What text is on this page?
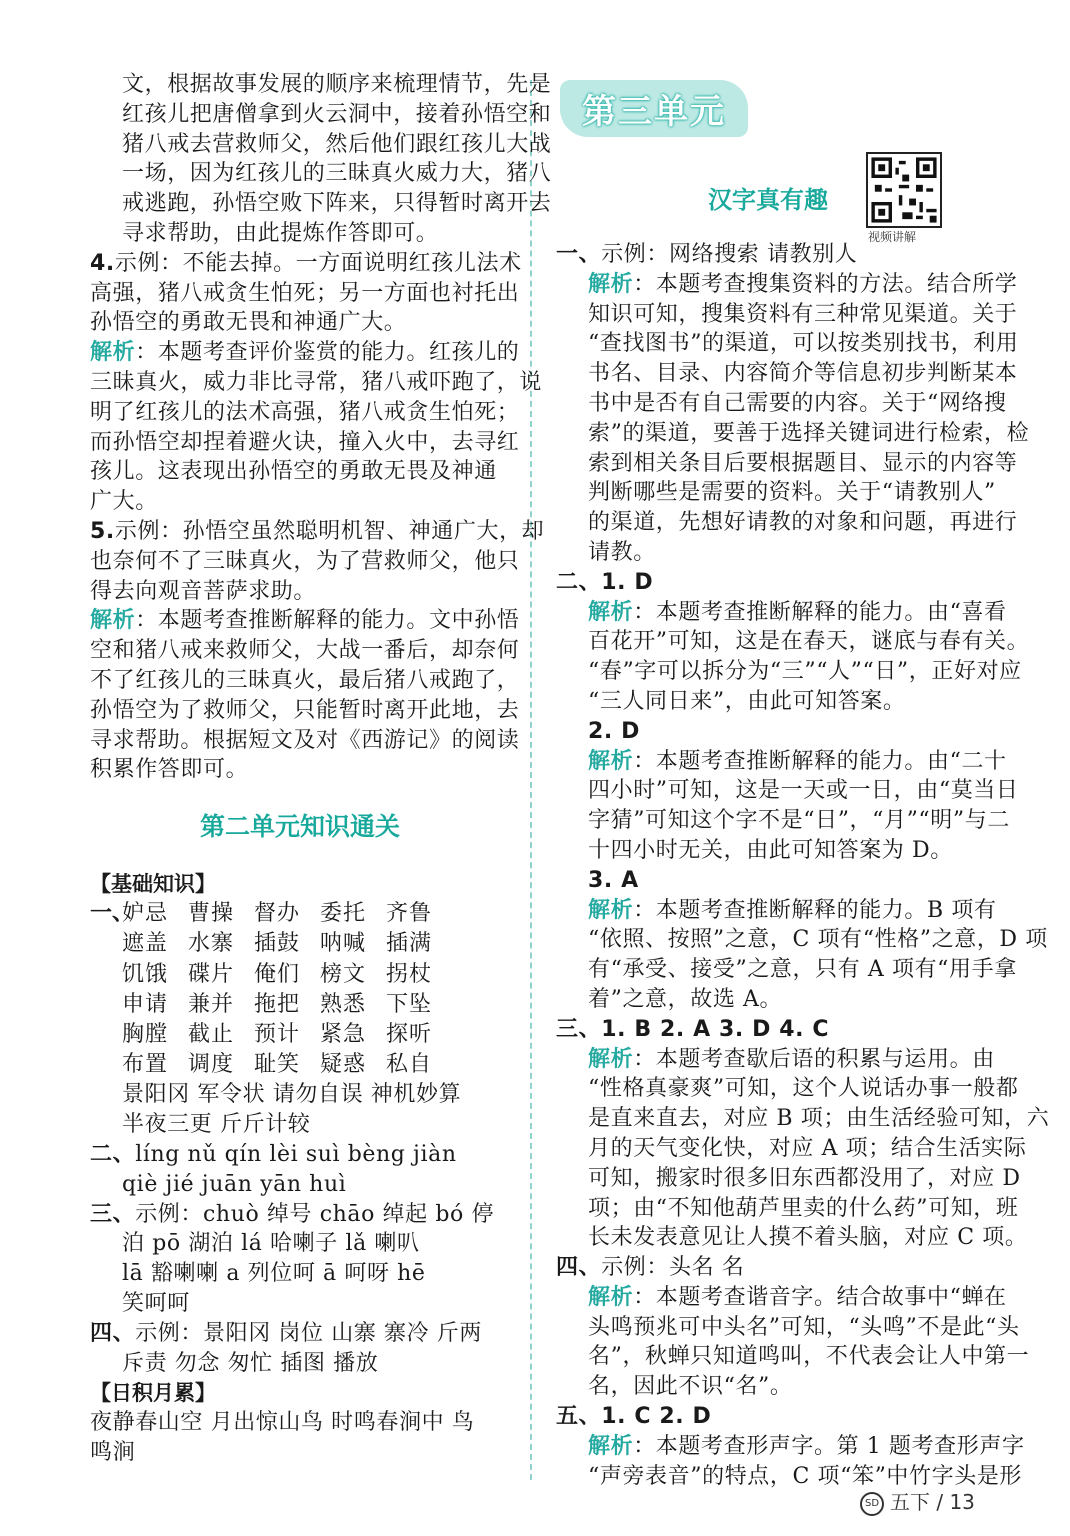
文，根据故事发展的顺序来梳理情节，先是
红孩儿把唐僧拿到火云洞中，接着孙悟空和
猪八戒去营救师父，然后他们跟红孩儿大战
一场，因为红孩儿的三昧真火威力大，猪八
戒逃跑，孙悟空败下阵来，只得暂时离开去
寻求帮助，由此提炼作答即可。
4.示例：不能去掉。一方面说明红孩儿法术
高强，猪八戒贪生怕死；另一方面也衬托出
孙悟空的勇敢无畏和神通广大。
解析：本题考查评价鉴赏的能力。红孩儿的
三昧真火，威力非比寻常，猪八戒吓跑了，说
明了红孩儿的法术高强，猪八戒贪生怕死；
而孙悟空却捏着避火诀，撞入火中，去寻红
孩儿。这表现出孙悟空的勇敢无畏及神通
广大。
5.示例：孙悟空虽然聪明机智、神通广大，却
也奈何不了三昧真火，为了营救师父，他只
得去向观音菩萨求助。
解析：本题考查推断解释的能力。文中孙悟
空和猪八戒来救师父，大战一番后，却奈何
不了红孩儿的三昧真火，最后猪八戒跑了，
孙悟空为了救师父，只能暂时离开此地，去
寻求帮助。根据短文及对《西游记》的阅读
积累作答即可。
第二单元知识通关
【基础知识】
一、
妒忌 曹操 督办 委托 齐鲁
遮盖 水寨 插鼓 呐喊 插满
饥饿 碟片 俺们 榜文 拐杖
申请 兼并 拖把 熟悉 下坠
胸膛 截止 预计 紧急 探听
布置 调度 耻笑 疑惑 私自
景阳冈 军令状 请勿自误 神机妙算
半夜三更 斤斤计较
二、líng nǔ qín lèi suì bèng jiàn
qiè jié juān yān huì
三、示例：chuò 绰号 chāo 绰起 bó 停
泊 pō 湖泊 lá 哈喇子 lǎ 喇叭
lā 豁喇喇 a 列位呵 ā 呵呀 hē
笑呵呵
四、示例：景阳冈 岗位 山寨 寨冷 斤两
斥责 勿念 匆忙 插图 播放
【日积月累】
夜静春山空 月出惊山鸟 时鸣春涧中 鸟
鸣涧
第三单元
汉字真有趣
视频讲解
一、示例：网络搜索 请教别人
解析：本题考查搜集资料的方法。结合所学
知识可知，搜集资料有三种常见渠道。关于
“查找图书”的渠道，可以按类别找书，利用
书名、目录、内容简介等信息初步判断某本
书中是否有自己需要的内容。关于“网络搜
索”的渠道，要善于选择关键词进行检索，检
索到相关条目后要根据题目、显示的内容等
判断哪些是需要的资料。关于“请教别人”
的渠道，先想好请教的对象和问题，再进行
请教。
二、1. D
解析：本题考查推断解释的能力。由“喜看
百花开”可知，这是在春天，谜底与春有关。
“春”字可以拆分为“三”“人”“日”，正好对应
“三人同日来”，由此可知答案。
2. D
解析：本题考查推断解释的能力。由“二十
四小时”可知，这是一天或一日，由“莫当日
字猜”可知这个字不是“日”，“月”“明”与二
十四小时无关，由此可知答案为 D。
3. A
解析：本题考查推断解释的能力。B 项有
“依照、按照”之意，C 项有“性格”之意，D 项
有“承受、接受”之意，只有 A 项有“用手拿
着”之意，故选 A。
三、1. B 2. A 3. D 4. C
解析：本题考查歇后语的积累与运用。由
“性格真豪爽”可知，这个人说话办事一般都
是直来直去，对应 B 项；由生活经验可知，六
月的天气变化快，对应 A 项；结合生活实际
可知，搬家时很多旧东西都没用了，对应 D
项；由“不知他葫芦里卖的什么药”可知，班
长未发表意见让人摸不着头脑，对应 C 项。
四、示例：头名 名
解析：本题考查谐音字。结合故事中“蝉在
头鸣预兆可中头名”可知，“头鸣”不是此“头
名”，秋蝉只知道鸣叫，不代表会让人中第一
名，因此不识“名”。
五、1. C 2. D
解析：本题考查形声字。第 1 题考查形声字
“声旁表音”的特点，C 项“笨”中竹字头是形
SD 五下 / 13
